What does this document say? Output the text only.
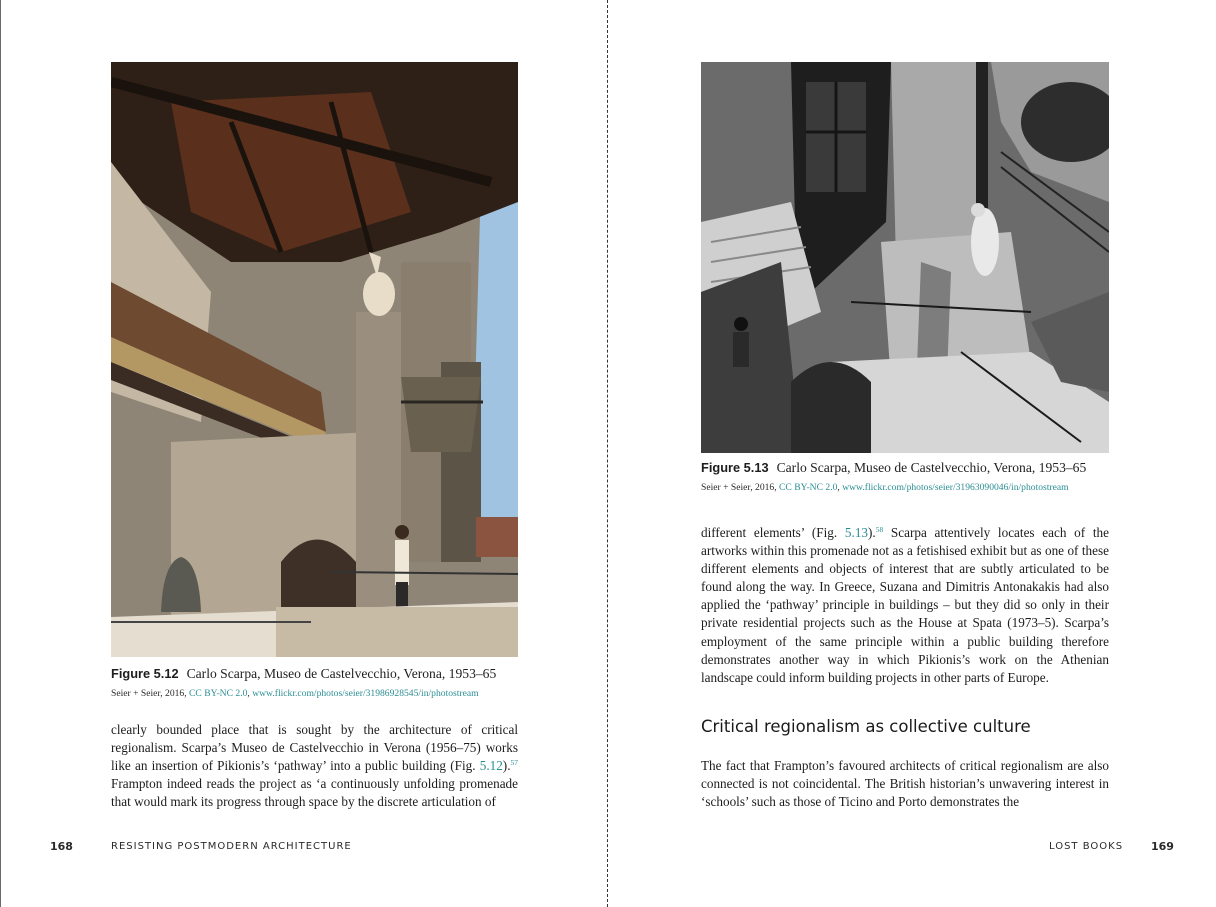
Figure 5.12 Carlo Scarpa, Museo de Castelvecchio, Verona, 1953–65
Seier + Seier, 2016, CC BY-NC 2.0, www.flickr.com/photos/seier/31986928545/in/photostream

clearly bounded place that is sought by the architecture of critical regionalism. Scarpa’s Museo de Castelvecchio in Verona (1956–75) works like an insertion of Pikionis’s ‘pathway’ into a public building (Fig. 5.12).$^{57}$ Frampton indeed reads the project as ‘a continuously unfolding promenade that would mark its progress through space by the discrete articulation of

168	RESISTING POSTMODERN ARCHITECTURE
Figure 5.13 Carlo Scarpa, Museo de Castelvecchio, Verona, 1953–65
Seier + Seier, 2016, CC BY-NC 2.0, www.flickr.com/photos/seier/31963090046/in/photostream

different elements’ (Fig. 5.13).$^{58}$ Scarpa attentively locates each of the artworks within this promenade not as a fetishised exhibit but as one of these different elements and objects of interest that are subtly articulated to be found along the way. In Greece, Suzana and Dimitris Antonakakis had also applied the ‘pathway’ principle in buildings – but they did so only in their private residential projects such as the House at Spata (1973–5). Scarpa’s employment of the same principle within a public building therefore demonstrates another way in which Pikionis’s work on the Athenian landscape could inform building projects in other parts of Europe.

Critical regionalism as collective culture

The fact that Frampton’s favoured architects of critical regionalism are also connected is not coincidental. The British historian’s unwavering interest in ‘schools’ such as those of Ticino and Porto demonstrates the

LOST BOOKS	169
